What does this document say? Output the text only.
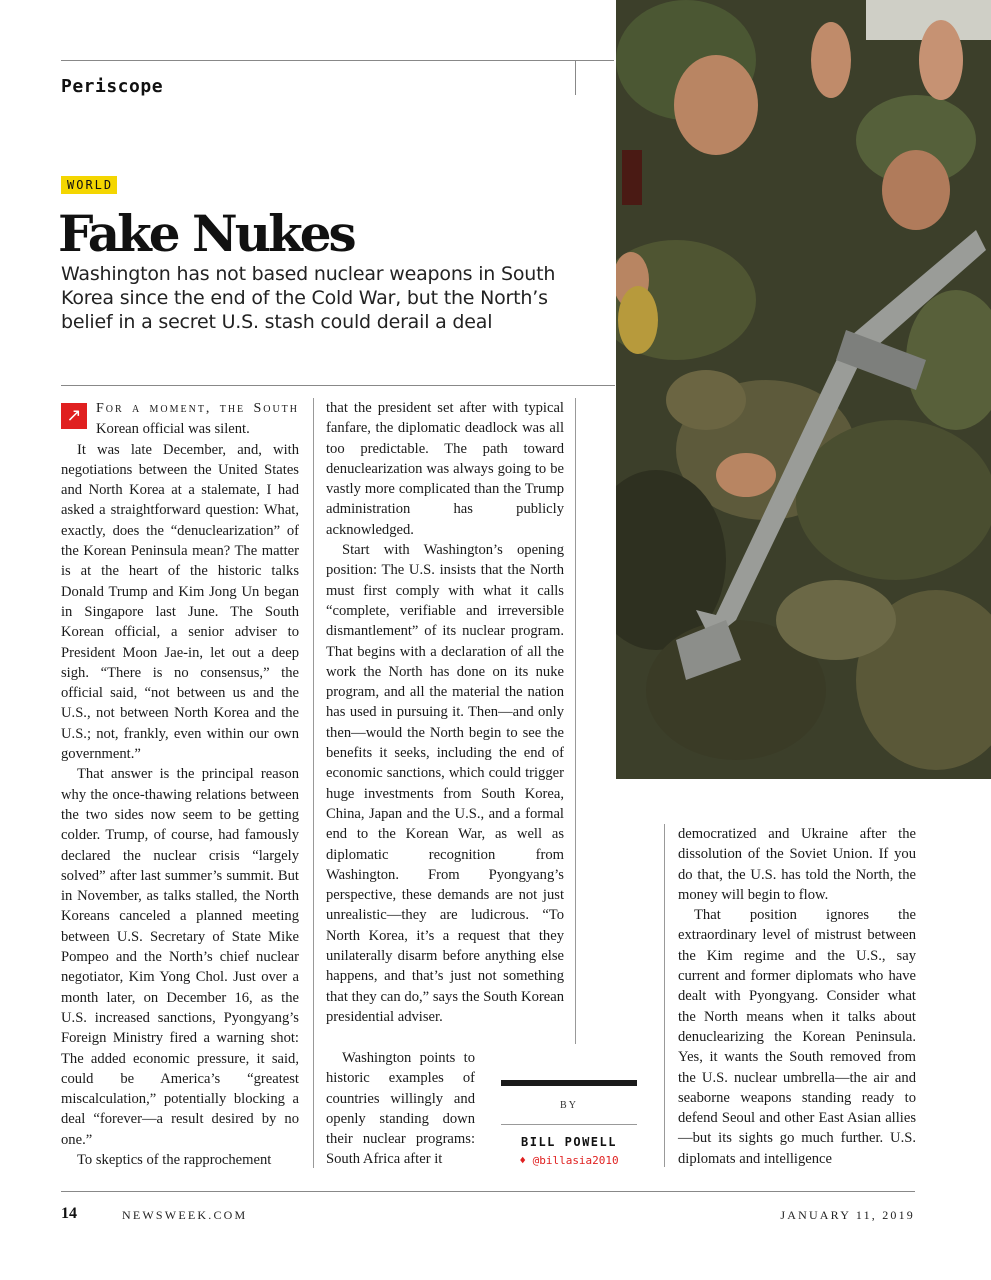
Periscope
WORLD
Fake Nukes
Washington has not based nuclear weapons in South Korea since the end of the Cold War, but the North’s belief in a secret U.S. stash could derail a deal

↗	For a moment, the South Korean official was silent.

It was late December, and, with negotiations between the United States and North Korea at a stalemate, I had asked a straightforward question: What, exactly, does the “denuclearization” of the Korean Peninsula mean? The matter is at the heart of the historic talks Donald Trump and Kim Jong Un began in Singapore last June. The South Korean official, a senior adviser to President Moon Jae-in, let out a deep sigh. “There is no consensus,” the official said, “not between us and the U.S., not between North Korea and the U.S.; not, frankly, even within our own government.”

That answer is the principal reason why the once-thawing relations between the two sides now seem to be getting colder. Trump, of course, had famously declared the nuclear crisis “largely solved” after last summer’s summit. But in November, as talks stalled, the North Koreans canceled a planned meeting between U.S. Secretary of State Mike Pompeo and the North’s chief nuclear negotiator, Kim Yong Chol. Just over a month later, on December 16, as the U.S. increased sanctions, Pyongyang’s Foreign Ministry fired a warning shot: The added economic pressure, it said, could be America’s “greatest miscalculation,” potentially blocking a deal “forever—a result desired by no one.”

To skeptics of the rapprochement

that the president set after with typical fanfare, the diplomatic deadlock was all too predictable. The path toward denuclearization was always going to be vastly more complicated than the Trump administration has publicly acknowledged.

Start with Washington’s opening position: The U.S. insists that the North must first comply with what it calls “complete, verifiable and irreversible dismantlement” of its nuclear program. That begins with a declaration of all the work the North has done on its nuke program, and all the material the nation has used in pursuing it. Then—and only then—would the North begin to see the benefits it seeks, including the end of economic sanctions, which could trigger huge investments from South Korea, China, Japan and the U.S., and a formal end to the Korean War, as well as diplomatic recognition from Washington. From Pyongyang’s perspective, these demands are not just unrealistic—they are ludicrous. “To North Korea, it’s a request that they unilaterally disarm before anything else happens, and that’s just not something that they can do,” says the South Korean presidential adviser.

Washington points to historic examples of countries willingly and openly standing down their nuclear programs: South Africa after it

BY
BILL POWELL
♦ @billasia2010

democratized and Ukraine after the dissolution of the Soviet Union. If you do that, the U.S. has told the North, the money will begin to flow.

That position ignores the extraordinary level of mistrust between the Kim regime and the U.S., say current and former diplomats who have dealt with Pyongyang. Consider what the North means when it talks about denuclearizing the Korean Peninsula. Yes, it wants the South removed from the U.S. nuclear umbrella—the air and seaborne weapons standing ready to defend Seoul and other East Asian allies—but its sights go much further. U.S. diplomats and intelligence

14	NEWSWEEK.COM	JANUARY 11, 2019
